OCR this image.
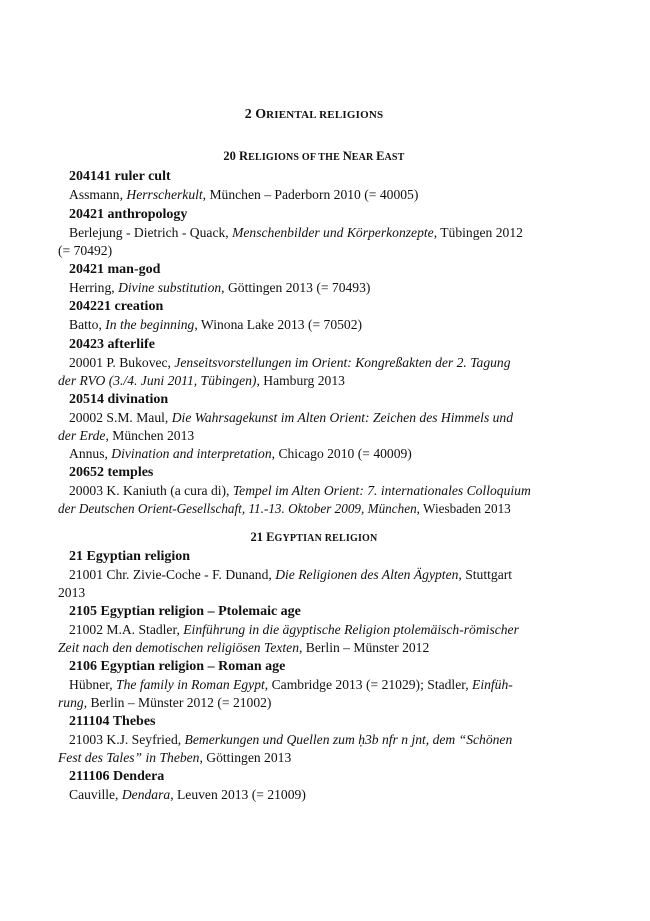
2 ORIENTAL RELIGIONS
20 RELIGIONS OF THE NEAR EAST
204141 ruler cult
Assmann, Herrscherkult, München – Paderborn 2010 (= 40005)
20421 anthropology
Berlejung - Dietrich - Quack, Menschenbilder und Körperkonzepte, Tübingen 2012
(= 70492)
20421 man-god
Herring, Divine substitution, Göttingen 2013 (= 70493)
204221 creation
Batto, In the beginning, Winona Lake 2013 (= 70502)
20423 afterlife
20001 P. Bukovec, Jenseitsvorstellungen im Orient: Kongreßakten der 2. Tagung
der RVO (3./4. Juni 2011, Tübingen), Hamburg 2013
20514 divination
20002 S.M. Maul, Die Wahrsagekunst im Alten Orient: Zeichen des Himmels und
der Erde, München 2013
Annus, Divination and interpretation, Chicago 2010 (= 40009)
20652 temples
20003 K. Kaniuth (a cura di), Tempel im Alten Orient: 7. internationales Colloquium
der Deutschen Orient-Gesellschaft, 11.-13. Oktober 2009, München, Wiesbaden 2013
21 EGYPTIAN RELIGION
21 Egyptian religion
21001 Chr. Zivie-Coche - F. Dunand, Die Religionen des Alten Ägypten, Stuttgart
2013
2105 Egyptian religion – Ptolemaic age
21002 M.A. Stadler, Einführung in die ägyptische Religion ptolemäisch-römischer
Zeit nach den demotischen religiösen Texten, Berlin – Münster 2012
2106 Egyptian religion – Roman age
Hübner, The family in Roman Egypt, Cambridge 2013 (= 21029); Stadler, Einfüh-
rung, Berlin – Münster 2012 (= 21002)
211104 Thebes
21003 K.J. Seyfried, Bemerkungen und Quellen zum ḥ3b nfr n jnt, dem “Schönen
Fest des Tales” in Theben, Göttingen 2013
211106 Dendera
Cauville, Dendara, Leuven 2013 (= 21009)
